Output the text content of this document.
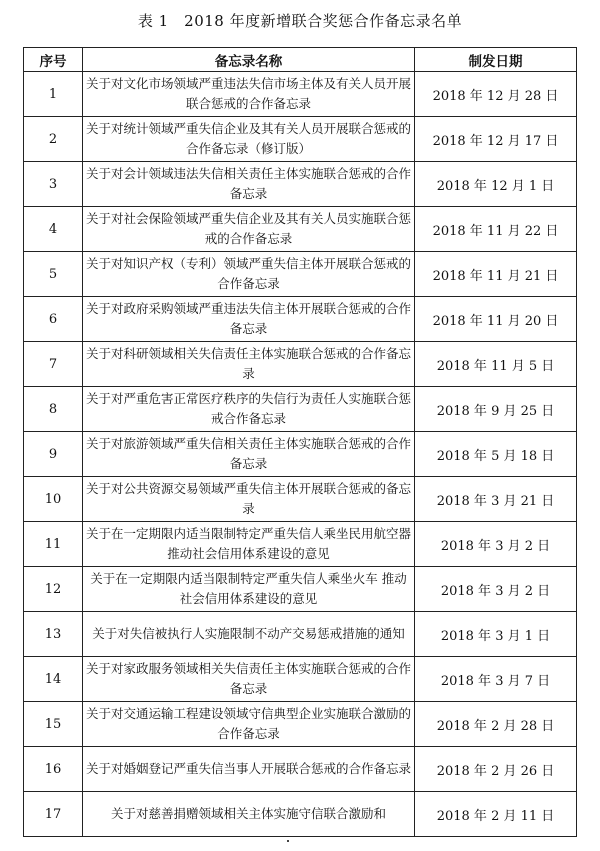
表 1　2018 年度新增联合奖惩合作备忘录名单
序号	备忘录名称	制发日期
1	关于对文化市场领域严重违法失信市场主体及有关人员开展联合惩戒的合作备忘录	2018 年 12 月 28 日
2	关于对统计领域严重失信企业及其有关人员开展联合惩戒的合作备忘录（修订版）	2018 年 12 月 17 日
3	关于对会计领域违法失信相关责任主体实施联合惩戒的合作备忘录	2018 年 12 月 1 日
4	关于对社会保险领域严重失信企业及其有关人员实施联合惩戒的合作备忘录	2018 年 11 月 22 日
5	关于对知识产权（专利）领域严重失信主体开展联合惩戒的合作备忘录	2018 年 11 月 21 日
6	关于对政府采购领域严重违法失信主体开展联合惩戒的合作备忘录	2018 年 11 月 20 日
7	关于对科研领域相关失信责任主体实施联合惩戒的合作备忘录	2018 年 11 月 5 日
8	关于对严重危害正常医疗秩序的失信行为责任人实施联合惩戒合作备忘录	2018 年 9 月 25 日
9	关于对旅游领域严重失信相关责任主体实施联合惩戒的合作备忘录	2018 年 5 月 18 日
10	关于对公共资源交易领域严重失信主体开展联合惩戒的备忘录	2018 年 3 月 21 日
11	关于在一定期限内适当限制特定严重失信人乘坐民用航空器 推动社会信用体系建设的意见	2018 年 3 月 2 日
12	关于在一定期限内适当限制特定严重失信人乘坐火车 推动社会信用体系建设的意见	2018 年 3 月 2 日
13	关于对失信被执行人实施限制不动产交易惩戒措施的通知	2018 年 3 月 1 日
14	关于对家政服务领域相关失信责任主体实施联合惩戒的合作备忘录	2018 年 3 月 7 日
15	关于对交通运输工程建设领域守信典型企业实施联合激励的合作备忘录	2018 年 2 月 28 日
16	关于对婚姻登记严重失信当事人开展联合惩戒的合作备忘录	2018 年 2 月 26 日
17	关于对慈善捐赠领域相关主体实施守信联合激励和	2018 年 2 月 11 日
